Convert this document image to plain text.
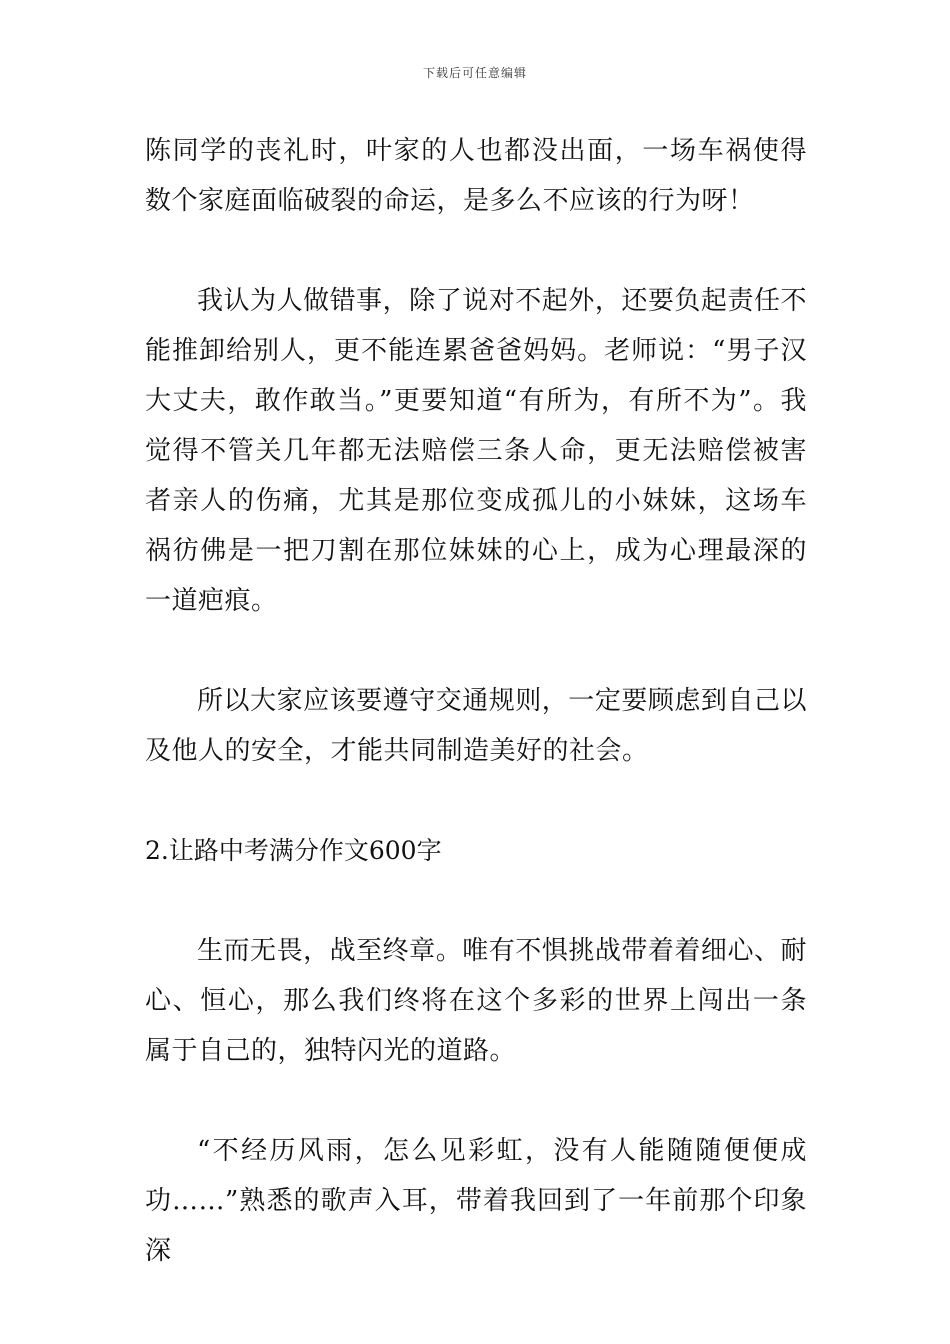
下载后可任意编辑

陈同学的丧礼时，叶家的人也都没出面，一场车祸使得数个家庭面临破裂的命运，是多么不应该的行为呀！

我认为人做错事，除了说对不起外，还要负起责任不能推卸给别人，更不能连累爸爸妈妈。老师说：“男子汉大丈夫，敢作敢当。”更要知道“有所为，有所不为”。我觉得不管关几年都无法赔偿三条人命，更无法赔偿被害者亲人的伤痛，尤其是那位变成孤儿的小妹妹，这场车祸彷佛是一把刀割在那位妹妹的心上，成为心理最深的一道疤痕。

所以大家应该要遵守交通规则，一定要顾虑到自己以及他人的安全，才能共同制造美好的社会。

2.让路中考满分作文600字

生而无畏，战至终章。唯有不惧挑战带着着细心、耐心、恒心，那么我们终将在这个多彩的世界上闯出一条属于自己的，独特闪光的道路。

“不经历风雨，怎么见彩虹，没有人能随随便便成功……”熟悉的歌声入耳，带着我回到了一年前那个印象深
